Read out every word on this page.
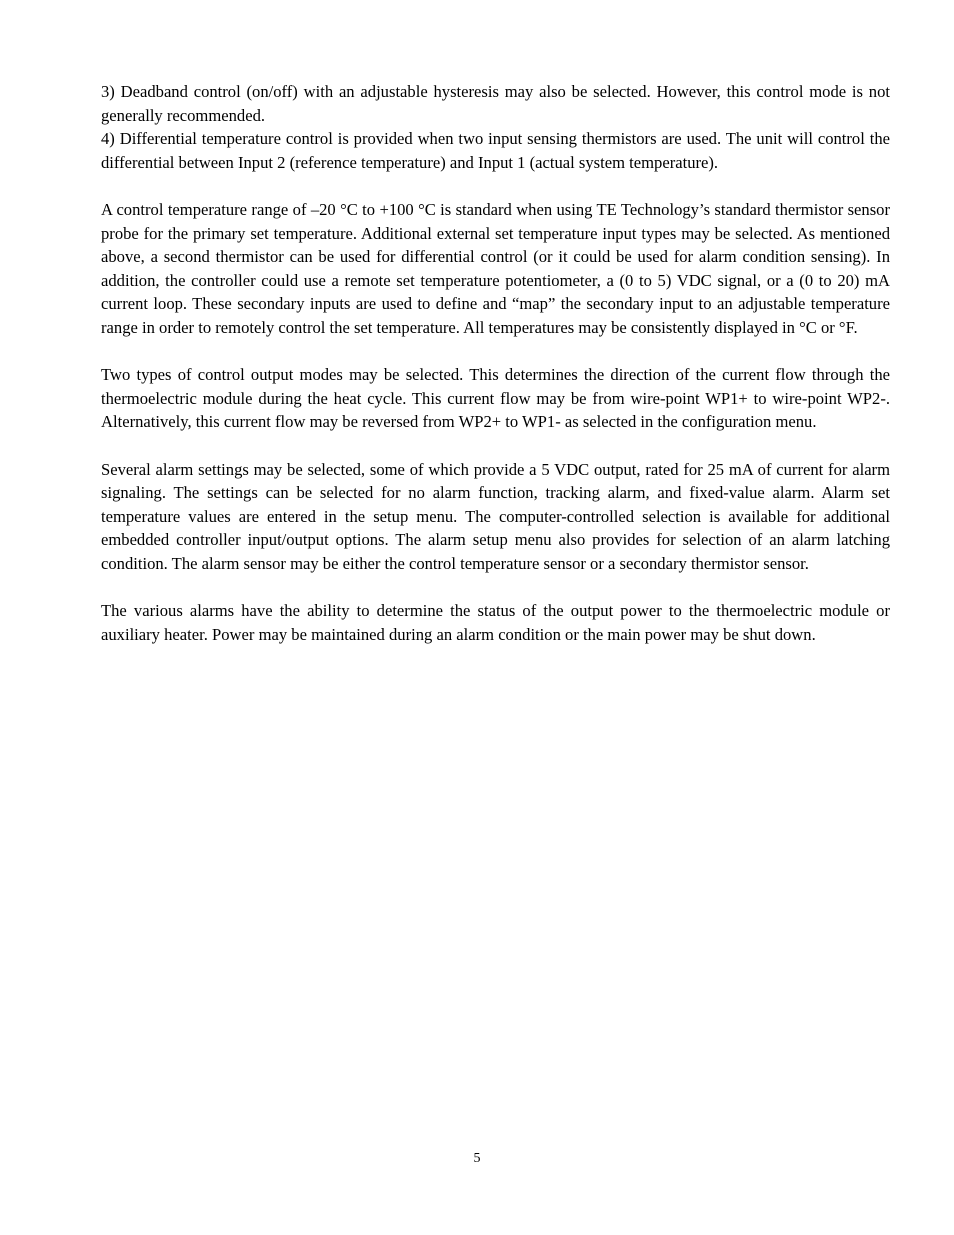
3) Deadband control (on/off) with an adjustable hysteresis may also be selected. However, this control mode is not generally recommended.

4) Differential temperature control is provided when two input sensing thermistors are used. The unit will control the differential between Input 2 (reference temperature) and Input 1 (actual system temperature).

A control temperature range of –20 °C to +100 °C is standard when using TE Technology’s standard thermistor sensor probe for the primary set temperature. Additional external set temperature input types may be selected. As mentioned above, a second thermistor can be used for differential control (or it could be used for alarm condition sensing). In addition, the controller could use a remote set temperature potentiometer, a (0 to 5) VDC signal, or a (0 to 20) mA current loop. These secondary inputs are used to define and “map” the secondary input to an adjustable temperature range in order to remotely control the set temperature. All temperatures may be consistently displayed in °C or °F.

Two types of control output modes may be selected. This determines the direction of the current flow through the thermoelectric module during the heat cycle. This current flow may be from wire-point WP1+ to wire-point WP2-. Alternatively, this current flow may be reversed from WP2+ to WP1- as selected in the configuration menu.

Several alarm settings may be selected, some of which provide a 5 VDC output, rated for 25 mA of current for alarm signaling. The settings can be selected for no alarm function, tracking alarm, and fixed-value alarm. Alarm set temperature values are entered in the setup menu. The computer-controlled selection is available for additional embedded controller input/output options. The alarm setup menu also provides for selection of an alarm latching condition. The alarm sensor may be either the control temperature sensor or a secondary thermistor sensor.

The various alarms have the ability to determine the status of the output power to the thermoelectric module or auxiliary heater. Power may be maintained during an alarm condition or the main power may be shut down.

5
